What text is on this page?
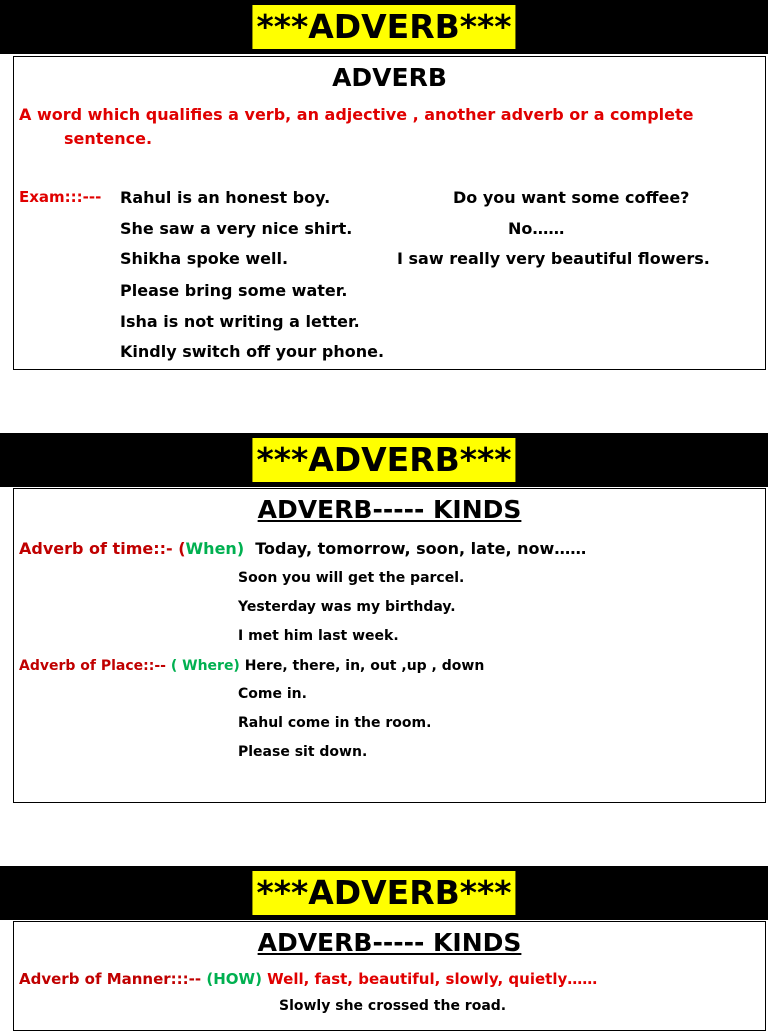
***ADVERB***
ADVERB
A word which qualifies a verb, an adjective , another adverb or a complete
sentence.
Exam:::--- Rahul is an honest boy.
She saw a very nice shirt.
Shikha spoke well.
Please bring some water.
Isha is not writing a letter.
Kindly switch off your phone.
Do you want some coffee?
No……
I saw really very beautiful flowers.
***ADVERB***
ADVERB----- KINDS
Adverb of time::- (When) Today, tomorrow, soon, late, now……
Soon you will get the parcel.
Yesterday was my birthday.
I met him last week.
Adverb of Place::-- ( Where) Here, there, in, out ,up , down
Come in.
Rahul come in the room.
Please sit down.
***ADVERB***
ADVERB----- KINDS
Adverb of Manner:::-- (HOW) Well, fast, beautiful, slowly, quietly……
Slowly she crossed the road.
